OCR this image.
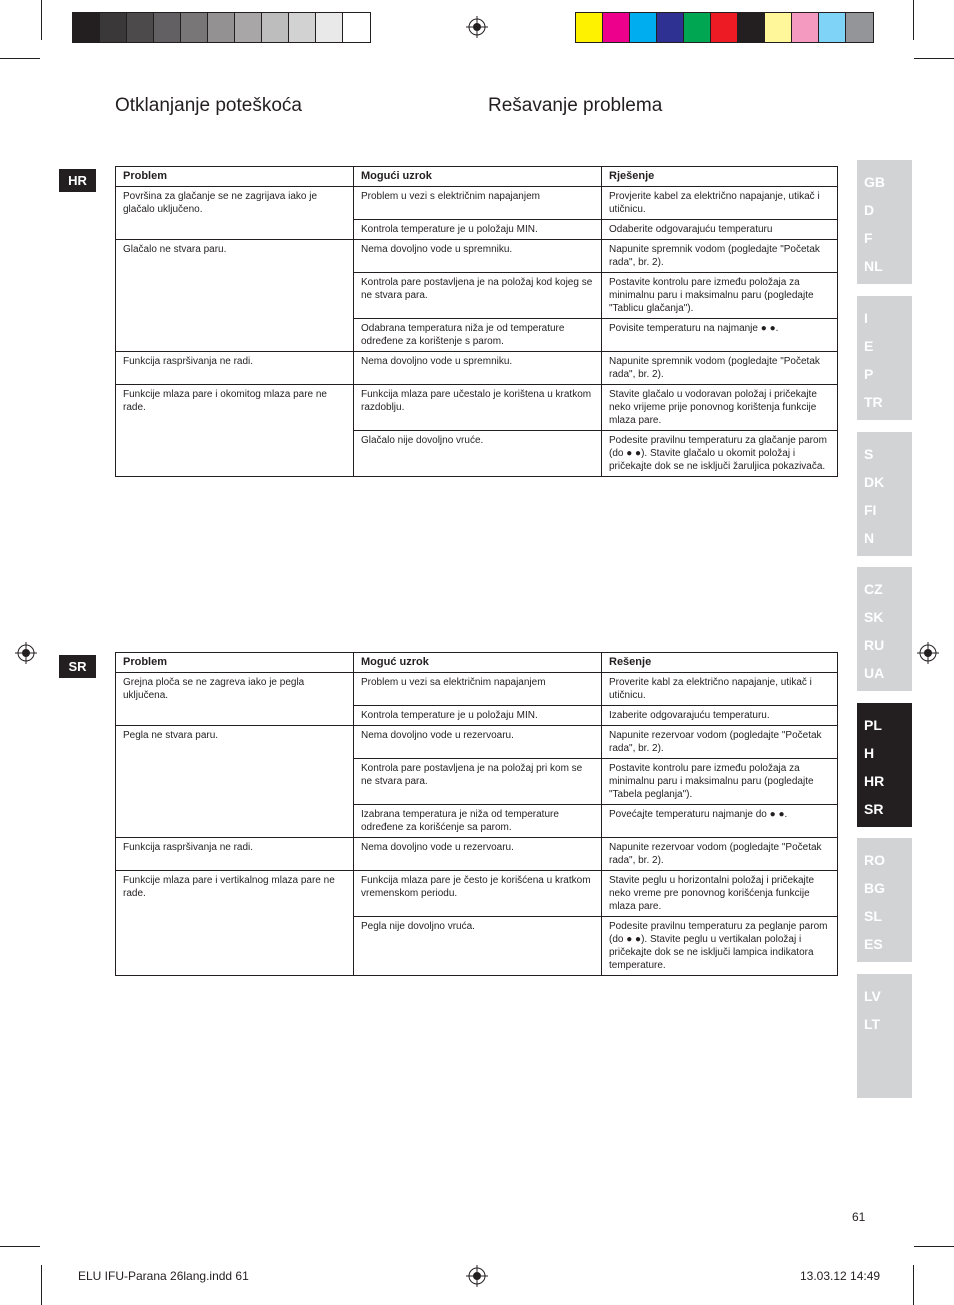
Otklanjanje poteškoća	Rešavanje problema
HR	Problem	Mogući uzrok	Rješenje
Površina za glačanje se ne zagrijava iako je glačalo uključeno.	Problem u vezi s električnim napajanjem	Provjerite kabel za električno napajanje, utikač i utičnicu.
	Kontrola temperature je u položaju MIN.	Odaberite odgovarajuću temperaturu
Glačalo ne stvara paru.	Nema dovoljno vode u spremniku.	Napunite spremnik vodom (pogledajte "Početak rada", br. 2).
	Kontrola pare postavljena je na položaj kod kojeg se ne stvara para.	Postavite kontrolu pare između položaja za minimalnu paru i maksimalnu paru (pogledajte "Tablicu glačanja").
	Odabrana temperatura niža je od temperature određene za korištenje s parom.	Povisite temperaturu na najmanje ● ●.
Funkcija raspršivanja ne radi.	Nema dovoljno vode u spremniku.	Napunite spremnik vodom (pogledajte "Početak rada", br. 2).
Funkcije mlaza pare i okomitog mlaza pare ne rade.	Funkcija mlaza pare učestalo je korištena u kratkom razdoblju.	Stavite glačalo u vodoravan položaj i pričekajte neko vrijeme prije ponovnog korištenja funkcije mlaza pare.
	Glačalo nije dovoljno vruće.	Podesite pravilnu temperaturu za glačanje parom (do ● ●). Stavite glačalo u okomit položaj i pričekajte dok se ne isključi žaruljica pokazivača.
SR	Problem	Moguć uzrok	Rešenje
Grejna ploča se ne zagreva iako je pegla uključena.	Problem u vezi sa električnim napajanjem	Proverite kabl za električno napajanje, utikač i utičnicu.
	Kontrola temperature je u položaju MIN.	Izaberite odgovarajuću temperaturu.
Pegla ne stvara paru.	Nema dovoljno vode u rezervoaru.	Napunite rezervoar vodom (pogledajte "Početak rada", br. 2).
	Kontrola pare postavljena je na položaj pri kom se ne stvara para.	Postavite kontrolu pare između položaja za minimalnu paru i maksimalnu paru (pogledajte "Tabela peglanja").
	Izabrana temperatura je niža od temperature određene za korišćenje sa parom.	Povećajte temperaturu najmanje do ● ●.
Funkcija raspršivanja ne radi.	Nema dovoljno vode u rezervoaru.	Napunite rezervoar vodom (pogledajte "Početak rada", br. 2).
Funkcije mlaza pare i vertikalnog mlaza pare ne rade.	Funkcija mlaza pare je često je korišćena u kratkom vremenskom periodu.	Stavite peglu u horizontalni položaj i pričekajte neko vreme pre ponovnog korišćenja funkcije mlaza pare.
	Pegla nije dovoljno vruća.	Podesite pravilnu temperaturu za peglanje parom (do ● ●). Stavite peglu u vertikalan položaj i pričekajte dok se ne isključi lampica indikatora temperature.
GB
D
F
NL
I
E
P
TR
S
DK
FI
N
CZ
SK
RU
UA
PL
H
HR
SR
RO
BG
SL
ES
LV
LT
61
ELU IFU-Parana 26lang.indd 61	13.03.12 14:49
